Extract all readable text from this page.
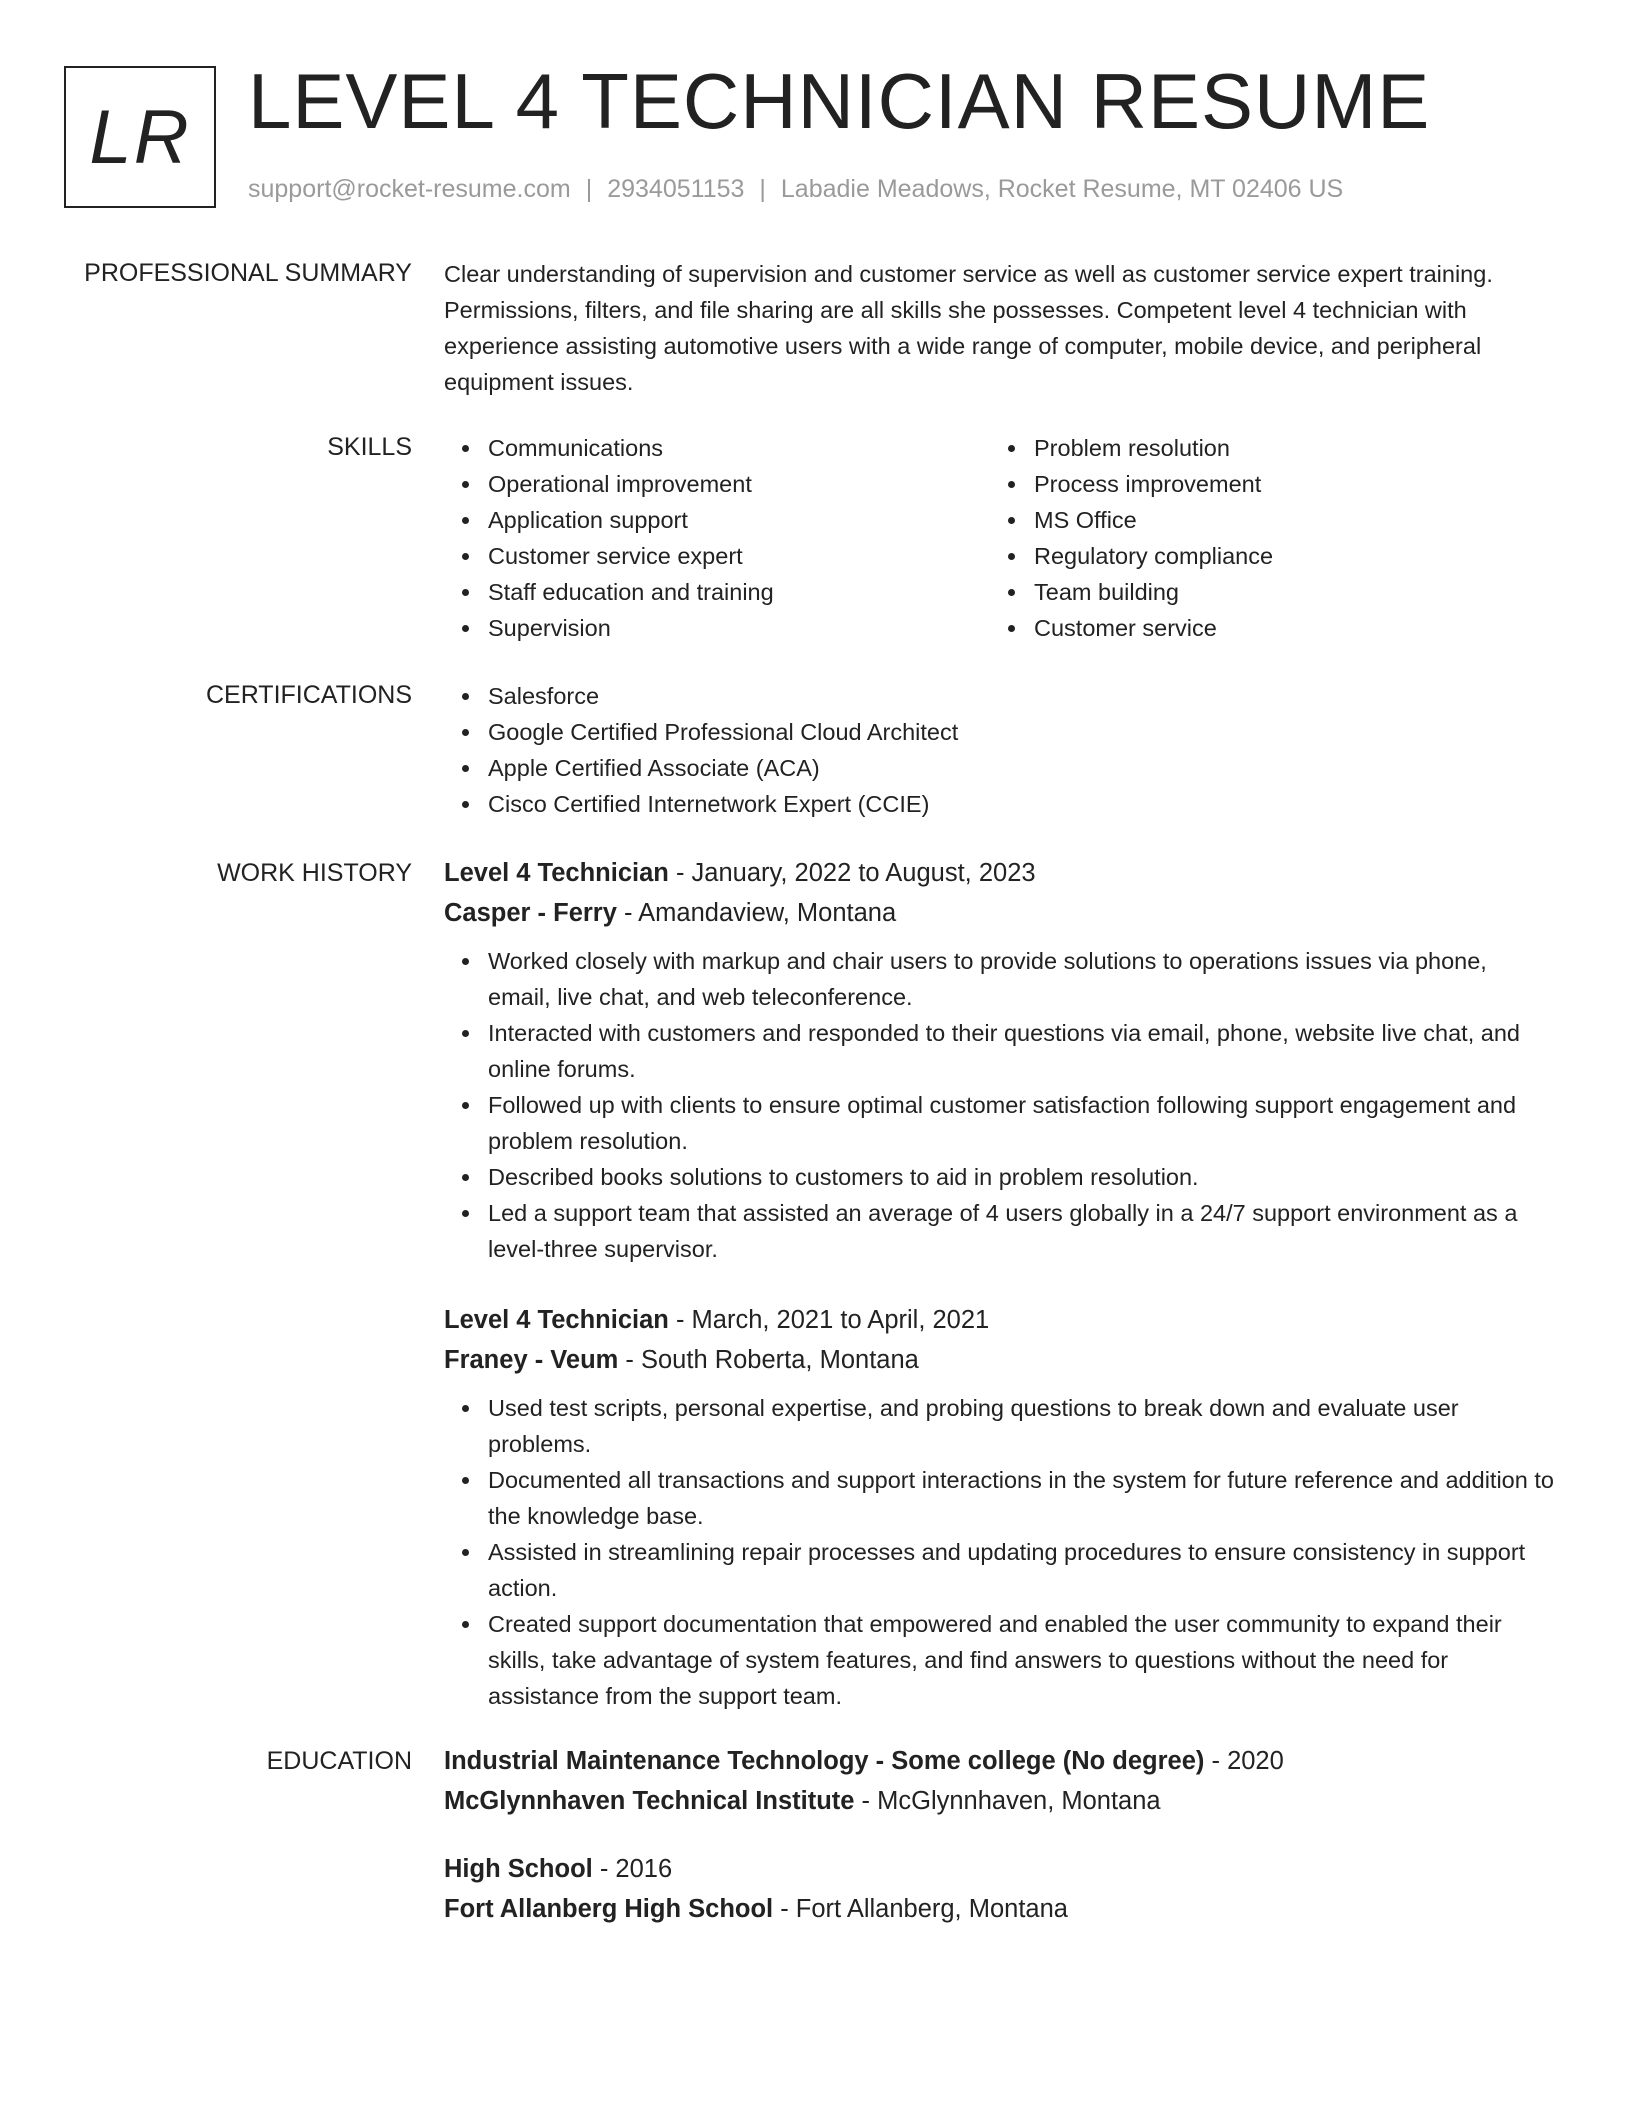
LR LEVEL 4 TECHNICIAN RESUME
support@rocket-resume.com | 2934051153 | Labadie Meadows, Rocket Resume, MT 02406 US
PROFESSIONAL SUMMARY Clear understanding of supervision and customer service as well as customer service expert training. Permissions, filters, and file sharing are all skills she possesses. Competent level 4 technician with experience assisting automotive users with a wide range of computer, mobile device, and peripheral equipment issues.
SKILLS	Communications
Operational improvement
Application support
Customer service expert
Staff education and training
Supervision
Problem resolution
Process improvement
MS Office
Regulatory compliance
Team building
Customer service
CERTIFICATIONS	Salesforce
Google Certified Professional Cloud Architect
Apple Certified Associate (ACA)
Cisco Certified Internetwork Expert (CCIE)
WORK HISTORY Level 4 Technician - January, 2022 to August, 2023
Casper - Ferry - Amandaview, Montana
Worked closely with markup and chair users to provide solutions to operations issues via phone, email, live chat, and web teleconference.
Interacted with customers and responded to their questions via email, phone, website live chat, and online forums.
Followed up with clients to ensure optimal customer satisfaction following support engagement and problem resolution.
Described books solutions to customers to aid in problem resolution.
Led a support team that assisted an average of 4 users globally in a 24/7 support environment as a level-three supervisor.
Level 4 Technician - March, 2021 to April, 2021
Franey - Veum - South Roberta, Montana
Used test scripts, personal expertise, and probing questions to break down and evaluate user problems.
Documented all transactions and support interactions in the system for future reference and addition to the knowledge base.
Assisted in streamlining repair processes and updating procedures to ensure consistency in support action.
Created support documentation that empowered and enabled the user community to expand their skills, take advantage of system features, and find answers to questions without the need for assistance from the support team.
EDUCATION Industrial Maintenance Technology - Some college (No degree) - 2020
McGlynnhaven Technical Institute - McGlynnhaven, Montana
High School - 2016
Fort Allanberg High School - Fort Allanberg, Montana
